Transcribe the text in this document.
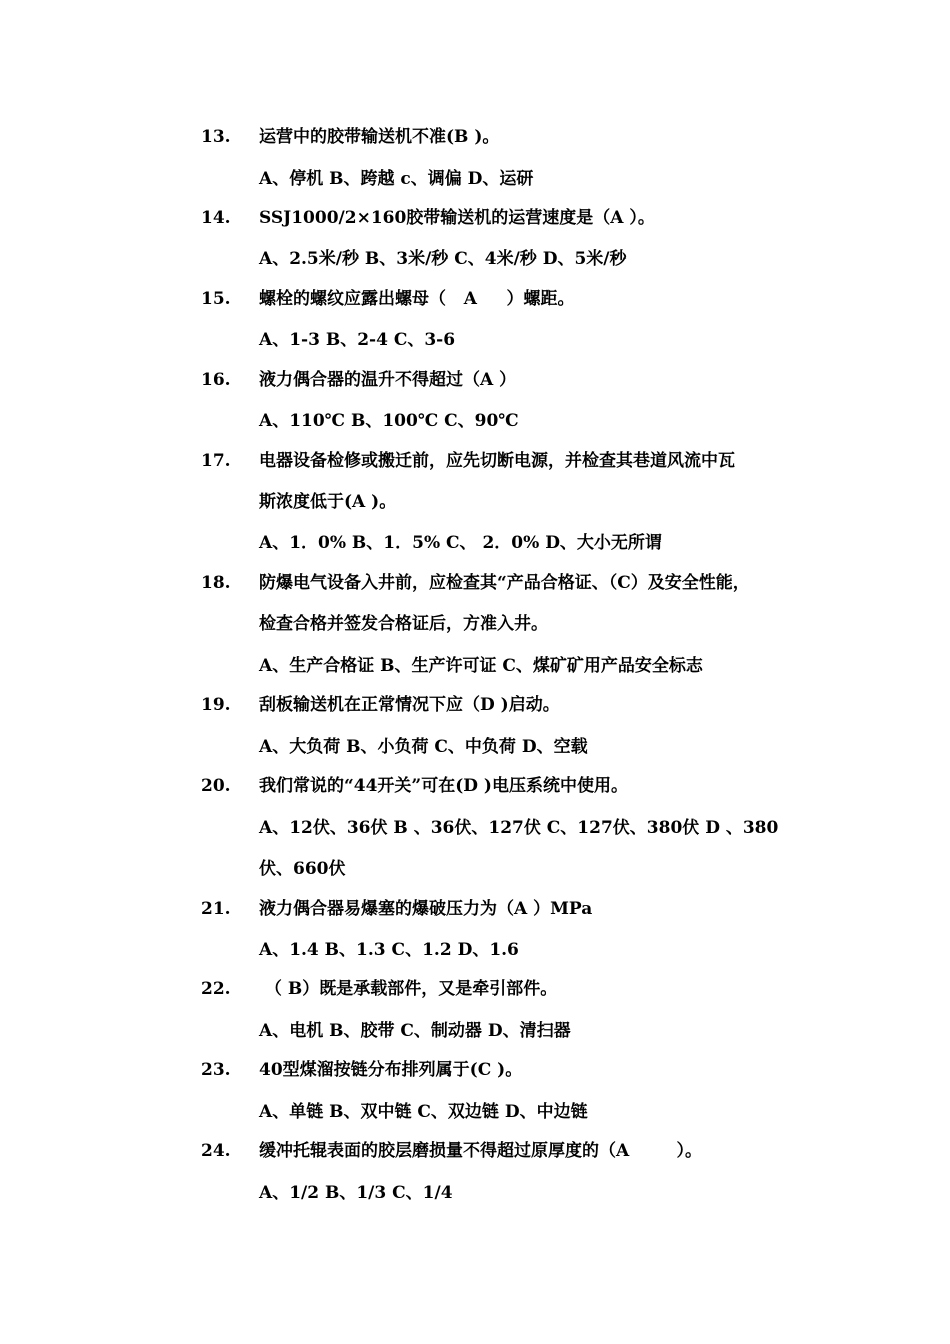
13.

运营中的胶带输送机不准(B )。

A、停机 B、跨越 c、调偏 D、运研

14.

SSJ1000/2×160胶带输送机的运营速度是（A ）。

A、2.5米/秒 B、3米/秒 C、4米/秒 D、5米/秒

15.

螺栓的螺纹应露出螺母（   A     ）螺距。

A、1-3 B、2-4 C、3-6

16.

液力偶合器的温升不得超过（A ）

A、110℃ B、100℃ C、90℃

17.

电器设备检修或搬迁前，应先切断电源，并检查其巷道风流中瓦

斯浓度低于(A )。

A、1．0% B、1．5% C、 2．0% D、大小无所谓

18.

防爆电气设备入井前，应检查其“产品合格证、（C）及安全性能，

检查合格并签发合格证后，方准入井。

A、生产合格证 B、生产许可证 C、煤矿矿用产品安全标志

19.

刮板输送机在正常情况下应（D )启动。

A、大负荷 B、小负荷 C、中负荷 D、空载

20.

我们常说的“44开关”可在(D )电压系统中使用。

A、12伏、36伏 B 、36伏、127伏 C、127伏、380伏 D 、380

伏、660伏

21.

液力偶合器易爆塞的爆破压力为（A ）MPa

A、1.4 B、1.3 C、1.2 D、1.6

22.

（ B）既是承载部件，又是牵引部件。

A、电机 B、胶带 C、制动器 D、清扫器

23.

40型煤溜按链分布排列属于(C )。

A、单链 B、双中链 C、双边链 D、中边链

24.

缓冲托辊表面的胶层磨损量不得超过原厚度的（A        ）。

A、1/2 B、1/3 C、1/4
